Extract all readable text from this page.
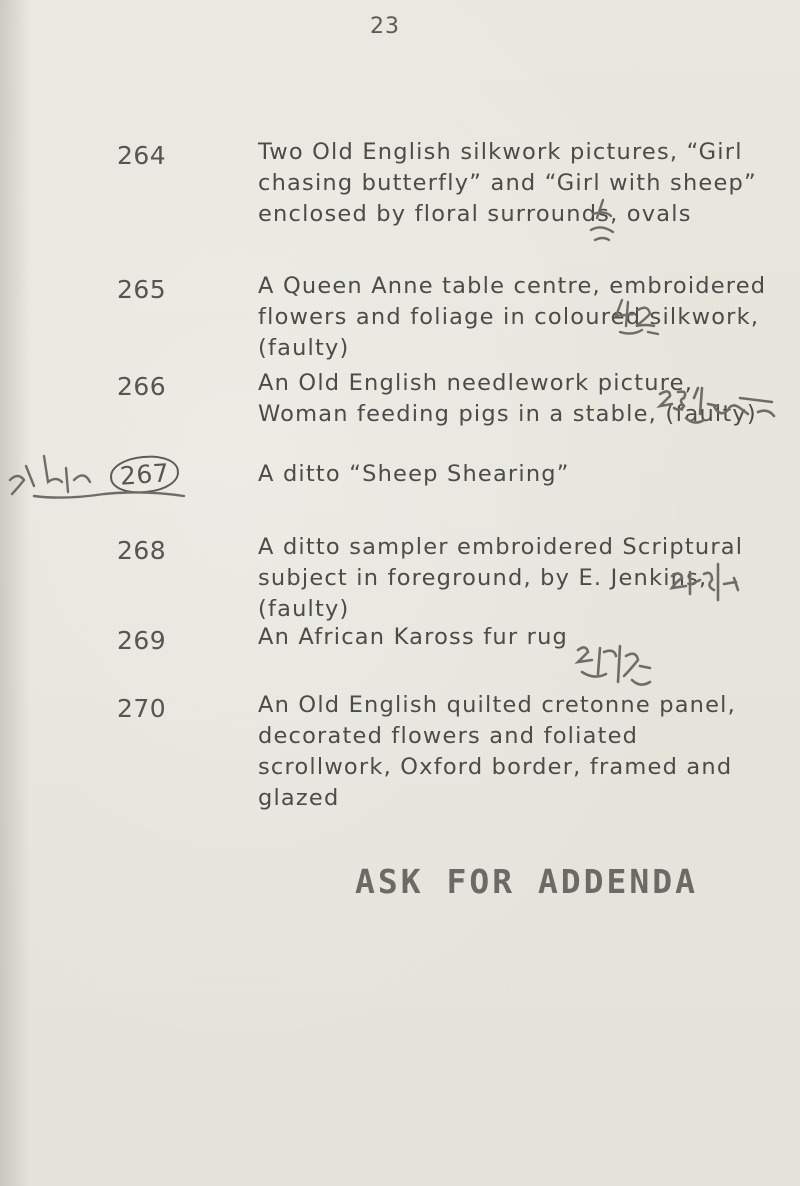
23
264	Two Old English silkwork pictures, “Girl chasing butterfly” and “Girl with sheep” enclosed by floral surrounds, ovals

265	A Queen Anne table centre, embroidered flowers and foliage in coloured silkwork, (faulty)

266	An Old English needlework picture, Woman feeding pigs in a stable, (faulty)

267	A ditto “Sheep Shearing”

268	A ditto sampler embroidered Scriptural subject in foreground, by E. Jenkins, (faulty)

269	An African Kaross fur rug

270	An Old English quilted cretonne panel, decorated flowers and foliated scrollwork, Oxford border, framed and glazed

ASK FOR ADDENDA
